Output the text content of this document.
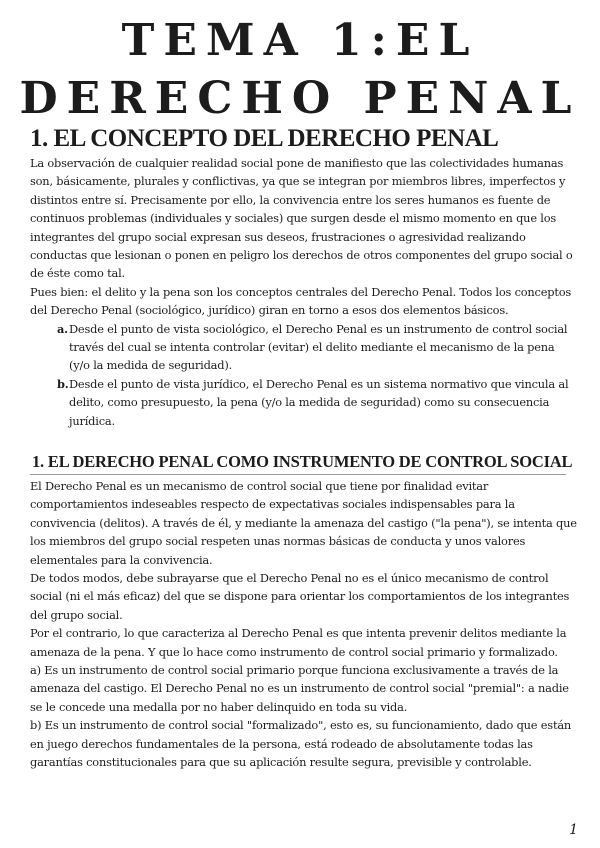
TEMA 1:EL
DERECHO PENAL
1. EL CONCEPTO DEL DERECHO PENAL

La observación de cualquier realidad social pone de manifiesto que las colectividades humanas son, básicamente, plurales y conflictivas, ya que se integran por miembros libres, imperfectos y distintos entre sí. Precisamente por ello, la convivencia entre los seres humanos es fuente de continuos problemas (individuales y sociales) que surgen desde el mismo momento en que los integrantes del grupo social expresan sus deseos, frustraciones o agresividad realizando conductas que lesionan o ponen en peligro los derechos de otros componentes del grupo social o de éste como tal.

Pues bien: el delito y la pena son los conceptos centrales del Derecho Penal. Todos los conceptos del Derecho Penal (sociológico, jurídico) giran en torno a esos dos elementos básicos.

a. Desde el punto de vista sociológico, el Derecho Penal es un instrumento de control social través del cual se intenta controlar (evitar) el delito mediante el mecanismo de la pena (y/o la medida de seguridad).
b. Desde el punto de vista jurídico, el Derecho Penal es un sistema normativo que vincula al delito, como presupuesto, la pena (y/o la medida de seguridad) como su consecuencia jurídica.
1. EL DERECHO PENAL COMO INSTRUMENTO DE CONTROL SOCIAL

El Derecho Penal es un mecanismo de control social que tiene por finalidad evitar comportamientos indeseables respecto de expectativas sociales indispensables para la convivencia (delitos). A través de él, y mediante la amenaza del castigo ("la pena"), se intenta que los miembros del grupo social respeten unas normas básicas de conducta y unos valores elementales para la convivencia.

De todos modos, debe subrayarse que el Derecho Penal no es el único mecanismo de control social (ni el más eficaz) del que se dispone para orientar los comportamientos de los integrantes del grupo social.

Por el contrario, lo que caracteriza al Derecho Penal es que intenta prevenir delitos mediante la amenaza de la pena. Y que lo hace como instrumento de control social primario y formalizado.

a) Es un instrumento de control social primario porque funciona exclusivamente a través de la amenaza del castigo. El Derecho Penal no es un instrumento de control social "premial": a nadie se le concede una medalla por no haber delinquido en toda su vida.

b) Es un instrumento de control social "formalizado", esto es, su funcionamiento, dado que están en juego derechos fundamentales de la persona, está rodeado de absolutamente todas las garantías constitucionales para que su aplicación resulte segura, previsible y controlable.

1
